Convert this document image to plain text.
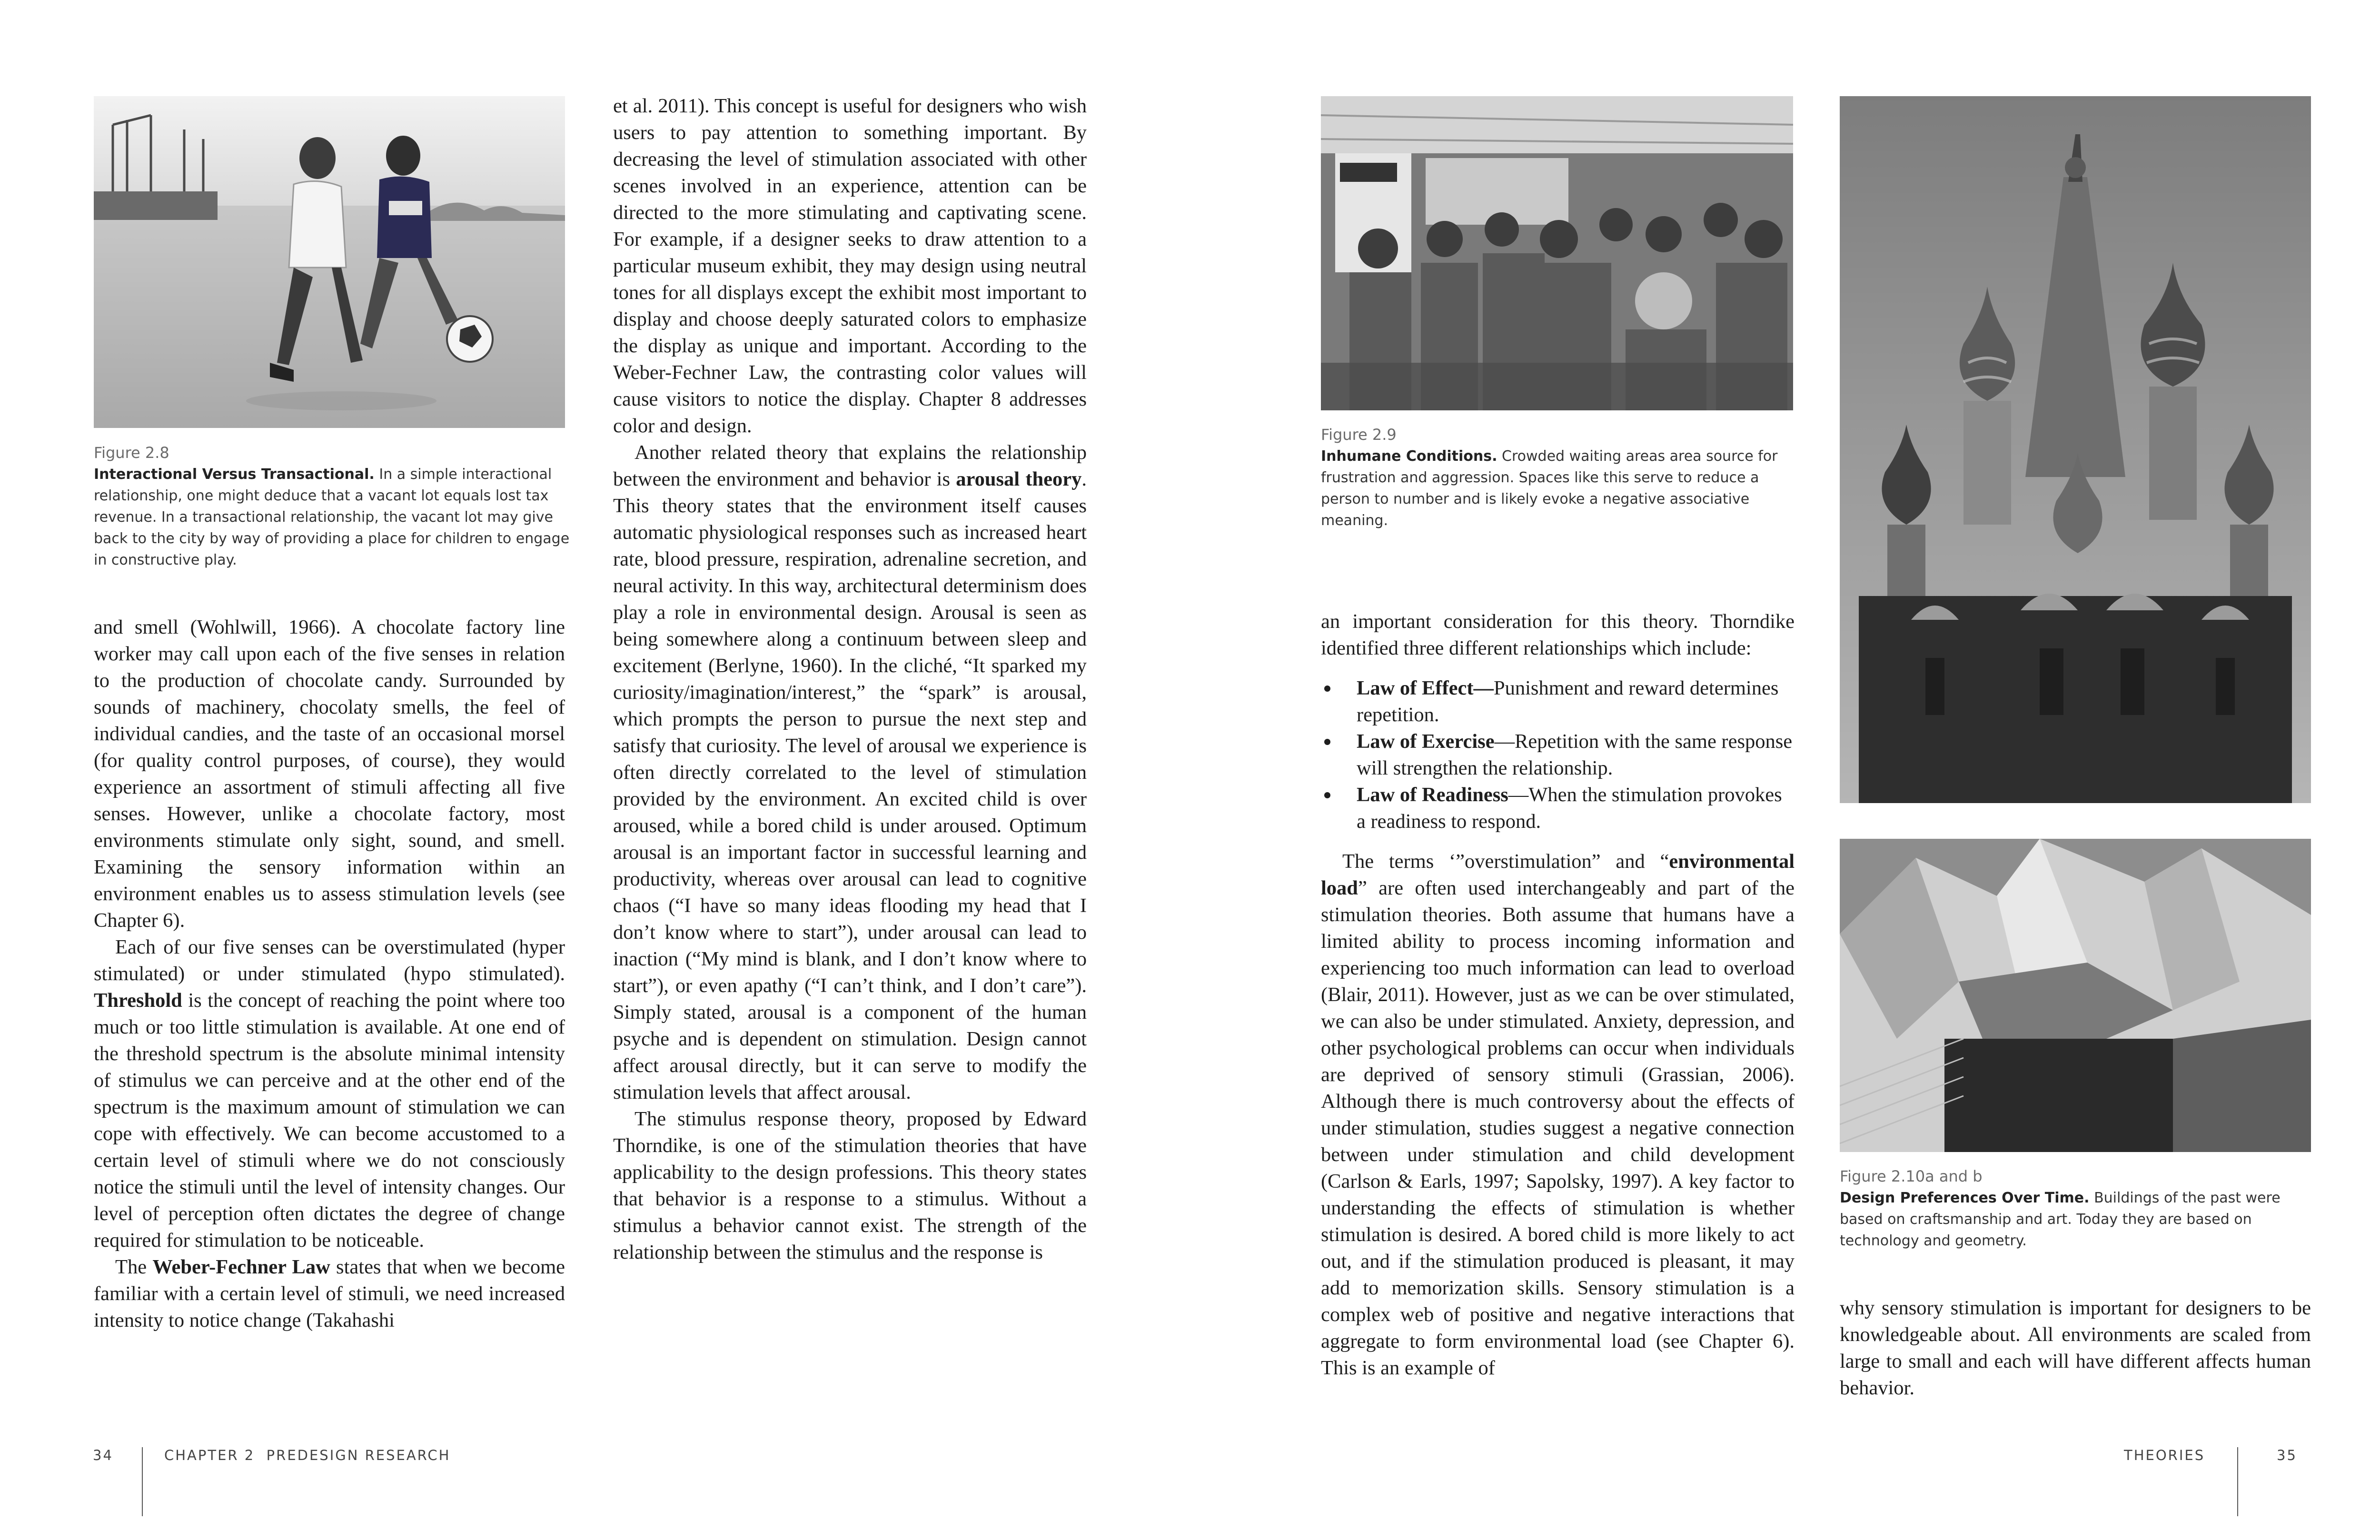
Figure 2.8
Interactional Versus Transactional. In a simple interactional relationship, one might deduce that a vacant lot equals lost tax revenue. In a transactional relationship, the vacant lot may give back to the city by way of providing a place for children to engage in constructive play.

and smell (Wohlwill, 1966). A chocolate factory line worker may call upon each of the five senses in relation to the production of chocolate candy. Surrounded by sounds of machinery, chocolaty smells, the feel of individual candies, and the taste of an occasional morsel (for quality control purposes, of course), they would experience an assortment of stimuli affecting all five senses. However, unlike a chocolate factory, most environments stimulate only sight, sound, and smell. Examining the sensory information within an environment enables us to assess stimulation levels (see Chapter 6).

Each of our five senses can be overstimulated (hyper stimulated) or under stimulated (hypo stimulated). Threshold is the concept of reaching the point where too much or too little stimulation is available. At one end of the threshold spectrum is the absolute minimal intensity of stimulus we can perceive and at the other end of the spectrum is the maximum amount of stimulation we can cope with effectively. We can become accustomed to a certain level of stimuli where we do not consciously notice the stimuli until the level of intensity changes. Our level of perception often dictates the degree of change required for stimulation to be noticeable.

The Weber-Fechner Law states that when we become familiar with a certain level of stimuli, we need increased intensity to notice change (Takahashi

et al. 2011). This concept is useful for designers who wish users to pay attention to something important. By decreasing the level of stimulation associated with other scenes involved in an experience, attention can be directed to the more stimulating and captivating scene. For example, if a designer seeks to draw attention to a particular museum exhibit, they may design using neutral tones for all displays except the exhibit most important to display and choose deeply saturated colors to emphasize the display as unique and important. According to the Weber-Fechner Law, the contrasting color values will cause visitors to notice the display. Chapter 8 addresses color and design.

Another related theory that explains the relationship between the environment and behavior is arousal theory. This theory states that the environment itself causes automatic physiological responses such as increased heart rate, blood pressure, respiration, adrenaline secretion, and neural activity. In this way, architectural determinism does play a role in environmental design. Arousal is seen as being somewhere along a continuum between sleep and excitement (Berlyne, 1960). In the cliché, “It sparked my curiosity/imagination/interest,” the “spark” is arousal, which prompts the person to pursue the next step and satisfy that curiosity. The level of arousal we experience is often directly correlated to the level of stimulation provided by the environment. An excited child is over aroused, while a bored child is under aroused. Optimum arousal is an important factor in successful learning and productivity, whereas over arousal can lead to cognitive chaos (“I have so many ideas flooding my head that I don’t know where to start”), under arousal can lead to inaction (“My mind is blank, and I don’t know where to start”), or even apathy (“I can’t think, and I don’t care”). Simply stated, arousal is a component of the human psyche and is dependent on stimulation. Design cannot affect arousal directly, but it can serve to modify the stimulation levels that affect arousal.

The stimulus response theory, proposed by Edward Thorndike, is one of the stimulation theories that have applicability to the design professions. This theory states that behavior is a response to a stimulus. Without a stimulus a behavior cannot exist. The strength of the relationship between the stimulus and the response is

34	CHAPTER 2  PREDESIGN RESEARCH
Figure 2.9
Inhumane Conditions. Crowded waiting areas area source for frustration and aggression. Spaces like this serve to reduce a person to number and is likely evoke a negative associative meaning.
Figure 2.10a and b
Design Preferences Over Time. Buildings of the past were based on craftsmanship and art. Today they are based on technology and geometry.

an important consideration for this theory. Thorndike identified three different relationships which include:

Law of Effect—Punishment and reward determines repetition.
Law of Exercise—Repetition with the same response will strengthen the relationship.
Law of Readiness—When the stimulation provokes a readiness to respond.

The terms ‘”overstimulation” and “environmental load” are often used interchangeably and part of the stimulation theories. Both assume that humans have a limited ability to process incoming information and experiencing too much information can lead to overload (Blair, 2011). However, just as we can be over stimulated, we can also be under stimulated. Anxiety, depression, and other psychological problems can occur when individuals are deprived of sensory stimuli (Grassian, 2006). Although there is much controversy about the effects of under stimulation, studies suggest a negative connection between under stimulation and child development (Carlson & Earls, 1997; Sapolsky, 1997). A key factor to understanding the effects of stimulation is whether stimulation is desired. A bored child is more likely to act out, and if the stimulation produced is pleasant, it may add to memorization skills. Sensory stimulation is a complex web of positive and negative interactions that aggregate to form environmental load (see Chapter 6). This is an example of

why sensory stimulation is important for designers to be knowledgeable about. All environments are scaled from large to small and each will have different affects human behavior.

THEORIES	35
